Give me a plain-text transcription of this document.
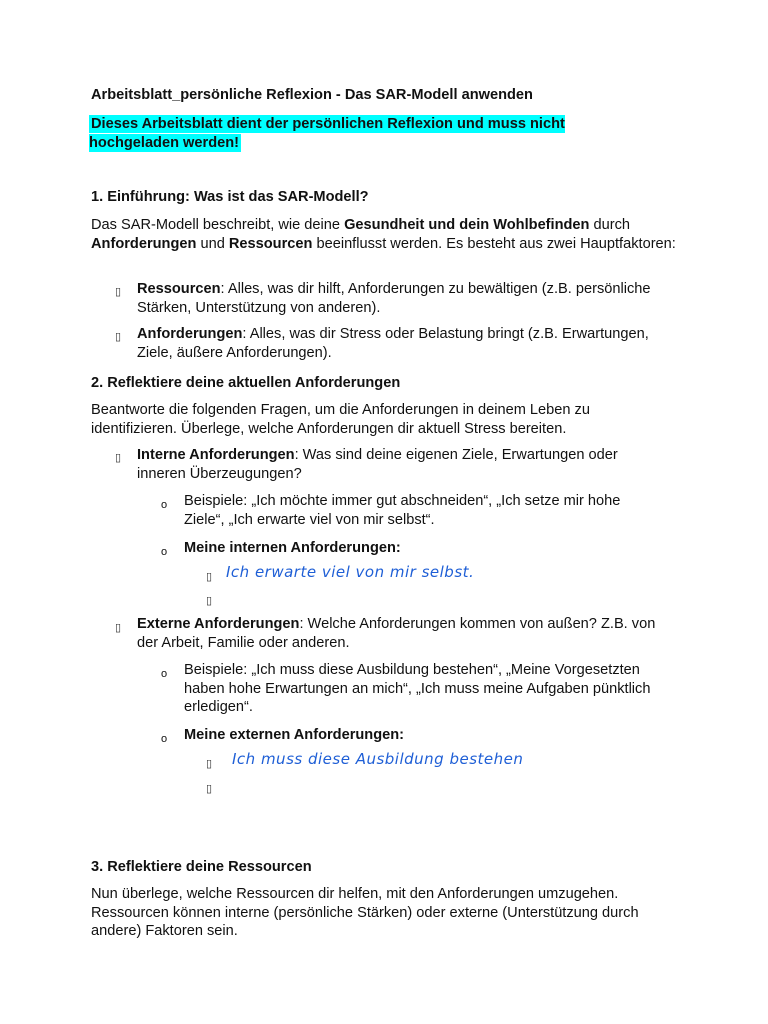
Arbeitsblatt_persönliche Reflexion - Das SAR-Modell anwenden
Dieses Arbeitsblatt dient der persönlichen Reflexion und muss nicht hochgeladen werden!
1. Einführung: Was ist das SAR-Modell?
Das SAR-Modell beschreibt, wie deine Gesundheit und dein Wohlbefinden durch Anforderungen und Ressourcen beeinflusst werden. Es besteht aus zwei Hauptfaktoren:
▯	Ressourcen: Alles, was dir hilft, Anforderungen zu bewältigen (z.B. persönliche Stärken, Unterstützung von anderen).
▯	Anforderungen: Alles, was dir Stress oder Belastung bringt (z.B. Erwartungen, Ziele, äußere Anforderungen).
2. Reflektiere deine aktuellen Anforderungen
Beantworte die folgenden Fragen, um die Anforderungen in deinem Leben zu identifizieren. Überlege, welche Anforderungen dir aktuell Stress bereiten.
▯	Interne Anforderungen: Was sind deine eigenen Ziele, Erwartungen oder inneren Überzeugungen?
o Beispiele: „Ich möchte immer gut abschneiden“, „Ich setze mir hohe Ziele“, „Ich erwarte viel von mir selbst“.
o Meine internen Anforderungen:
▯ Ich erwarte viel von mir selbst.
▯
▯	Externe Anforderungen: Welche Anforderungen kommen von außen? Z.B. von der Arbeit, Familie oder anderen.
o Beispiele: „Ich muss diese Ausbildung bestehen“, „Meine Vorgesetzten haben hohe Erwartungen an mich“, „Ich muss meine Aufgaben pünktlich erledigen“.
o Meine externen Anforderungen:
▯ Ich muss diese Ausbildung bestehen
▯
3. Reflektiere deine Ressourcen
Nun überlege, welche Ressourcen dir helfen, mit den Anforderungen umzugehen. Ressourcen können interne (persönliche Stärken) oder externe (Unterstützung durch andere) Faktoren sein.
